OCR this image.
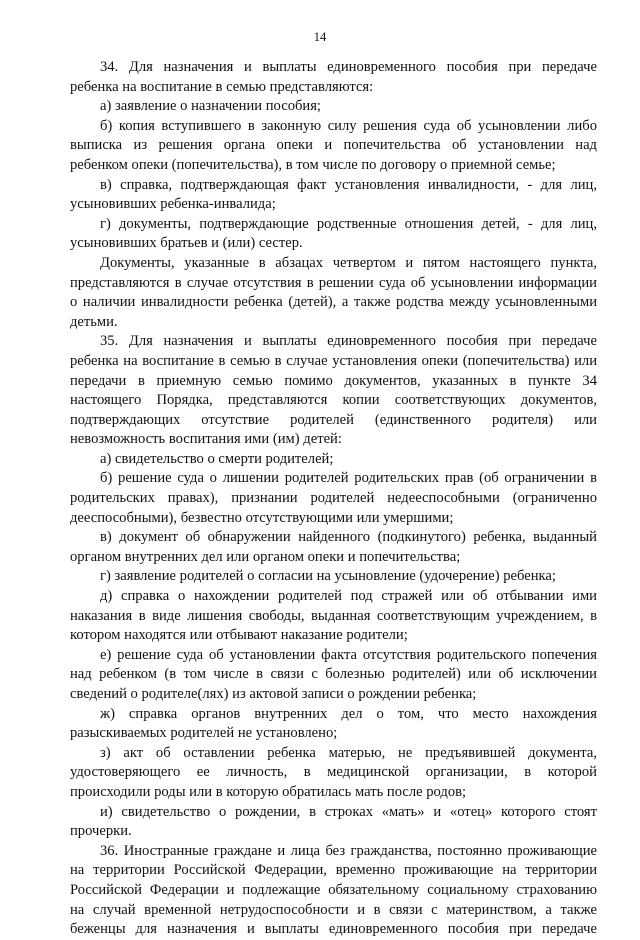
14
34. Для назначения и выплаты единовременного пособия при передаче
ребенка на воспитание в семью представляются:
а) заявление о назначении пособия;
б) копия вступившего в законную силу решения суда об усыновлении либо
выписка из решения органа опеки и попечительства об установлении над
ребенком опеки (попечительства), в том числе по договору о приемной семье;
в) справка, подтверждающая факт установления инвалидности, - для лиц,
усыновивших ребенка-инвалида;
г) документы, подтверждающие родственные отношения детей, - для лиц,
усыновивших братьев и (или) сестер.
Документы, указанные в абзацах четвертом и пятом настоящего пункта,
представляются в случае отсутствия в решении суда об усыновлении информации
о наличии инвалидности ребенка (детей), а также родства между усыновленными
детьми.
35. Для назначения и выплаты единовременного пособия при передаче
ребенка на воспитание в семью в случае установления опеки (попечительства) или
передачи в приемную семью помимо документов, указанных в пункте 34
настоящего Порядка, представляются копии соответствующих документов,
подтверждающих отсутствие родителей (единственного родителя) или
невозможность воспитания ими (им) детей:
а) свидетельство о смерти родителей;
б) решение суда о лишении родителей родительских прав (об ограничении в
родительских правах), признании родителей недееспособными (ограниченно
дееспособными), безвестно отсутствующими или умершими;
в) документ об обнаружении найденного (подкинутого) ребенка, выданный
органом внутренних дел или органом опеки и попечительства;
г) заявление родителей о согласии на усыновление (удочерение) ребенка;
д) справка о нахождении родителей под стражей или об отбывании ими
наказания в виде лишения свободы, выданная соответствующим учреждением, в
котором находятся или отбывают наказание родители;
е) решение суда об установлении факта отсутствия родительского попечения
над ребенком (в том числе в связи с болезнью родителей) или об исключении
сведений о родителе(лях) из актовой записи о рождении ребенка;
ж) справка органов внутренних дел о том, что место нахождения
разыскиваемых родителей не установлено;
з) акт об оставлении ребенка матерью, не предъявившей документа,
удостоверяющего ее личность, в медицинской организации, в которой
происходили роды или в которую обратилась мать после родов;
и) свидетельство о рождении, в строках «мать» и «отец» которого стоят
прочерки.
36. Иностранные граждане и лица без гражданства, постоянно проживающие
на территории Российской Федерации, временно проживающие на территории
Российской Федерации и подлежащие обязательному социальному страхованию
на случай временной нетрудоспособности и в связи с материнством, а также
беженцы для назначения и выплаты единовременного пособия при передаче
